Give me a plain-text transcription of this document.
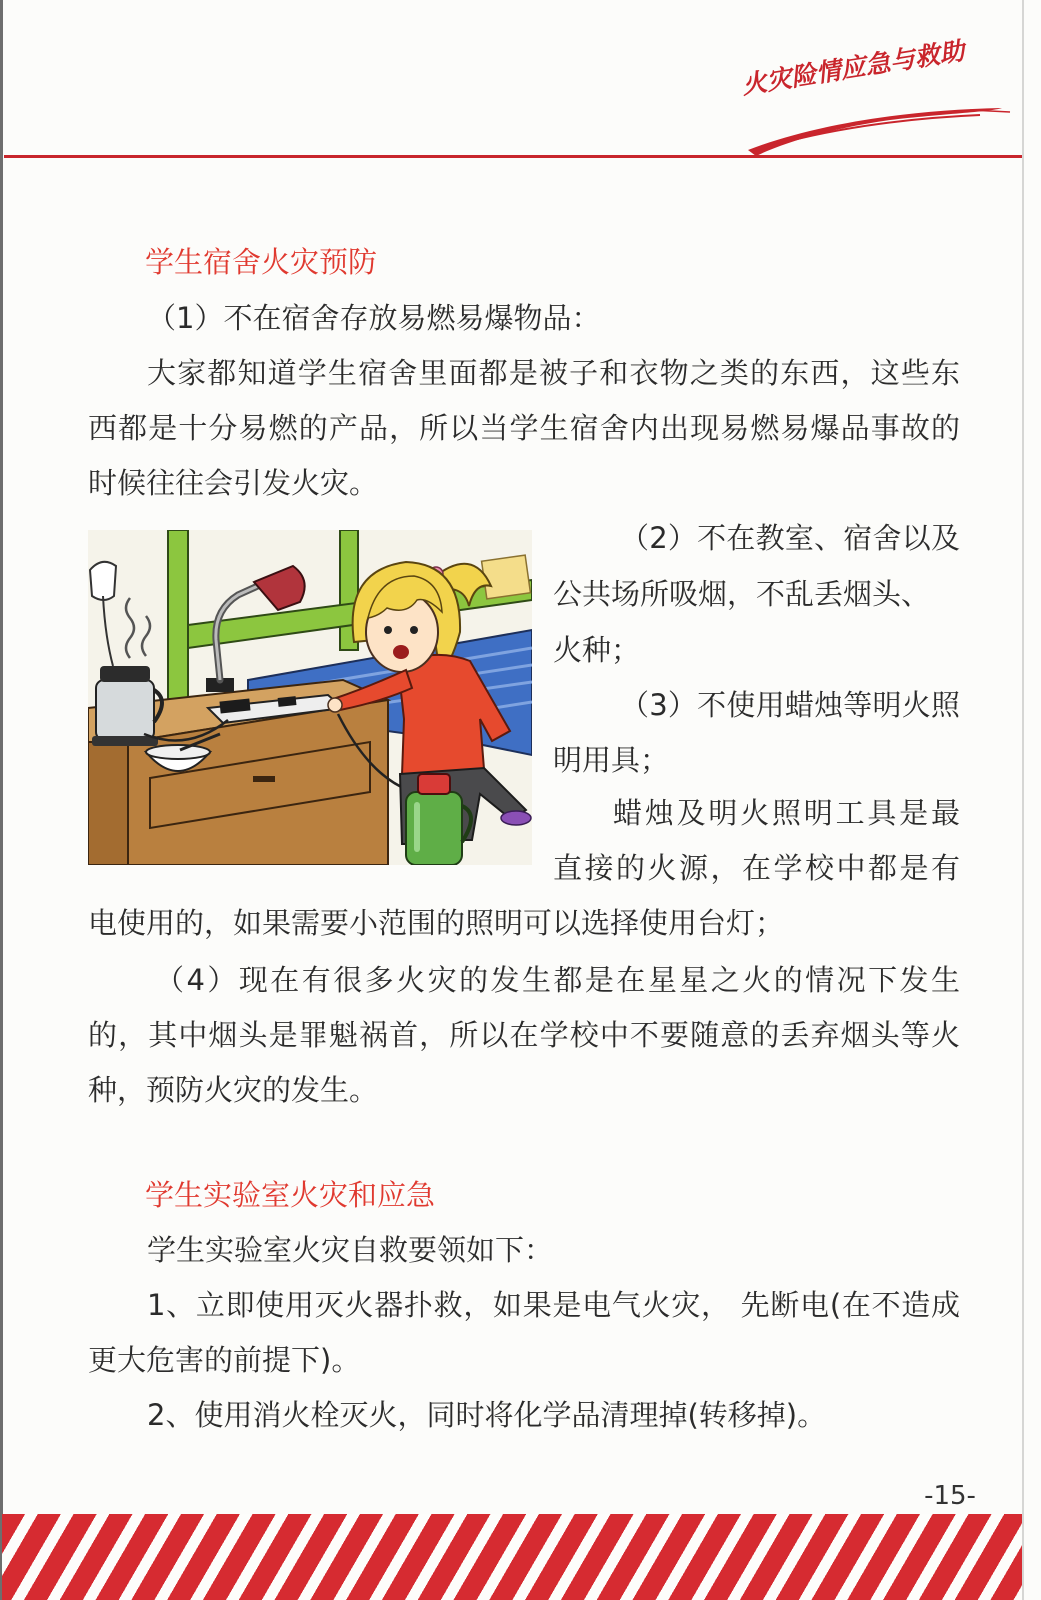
火灾险情应急与救助
学生宿舍火灾预防
（1）不在宿舍存放易燃易爆物品：
大家都知道学生宿舍里面都是被子和衣物之类的东西，这些东
西都是十分易燃的产品，所以当学生宿舍内出现易燃易爆品事故的
时候往往会引发火灾。
（2）不在教室、宿舍以及
公共场所吸烟，不乱丢烟头、
火种；
（3）不使用蜡烛等明火照
明用具；
蜡烛及明火照明工具是最
直接的火源，在学校中都是有
电使用的，如果需要小范围的照明可以选择使用台灯；
（4）现在有很多火灾的发生都是在星星之火的情况下发生
的，其中烟头是罪魁祸首，所以在学校中不要随意的丢弃烟头等火
种，预防火灾的发生。
学生实验室火灾和应急
学生实验室火灾自救要领如下：
1、立即使用灭火器扑救，如果是电气火灾， 先断电(在不造成
更大危害的前提下)。
2、使用消火栓灭火，同时将化学品清理掉(转移掉)。
-15-
